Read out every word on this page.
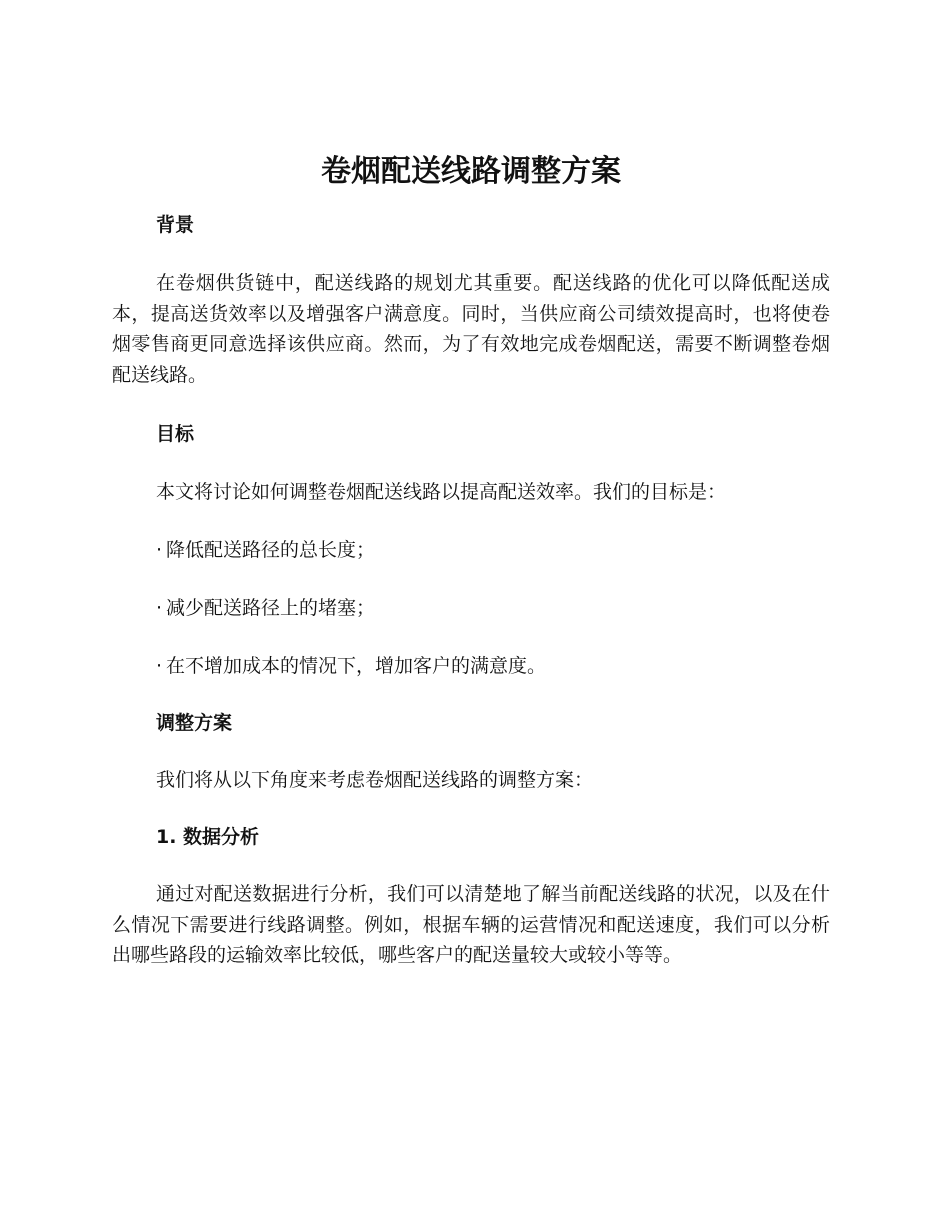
卷烟配送线路调整方案
背景

在卷烟供货链中，配送线路的规划尤其重要。配送线路的优化可以降低配送成本，提高送货效率以及增强客户满意度。同时，当供应商公司绩效提高时，也将使卷烟零售商更同意选择该供应商。然而，为了有效地完成卷烟配送，需要不断调整卷烟配送线路。

目标

本文将讨论如何调整卷烟配送线路以提高配送效率。我们的目标是：

· 降低配送路径的总长度；

· 减少配送路径上的堵塞；

· 在不增加成本的情况下，增加客户的满意度。

调整方案

我们将从以下角度来考虑卷烟配送线路的调整方案：

1. 数据分析

通过对配送数据进行分析，我们可以清楚地了解当前配送线路的状况，以及在什么情况下需要进行线路调整。例如，根据车辆的运营情况和配送速度，我们可以分析出哪些路段的运输效率比较低，哪些客户的配送量较大或较小等等。
